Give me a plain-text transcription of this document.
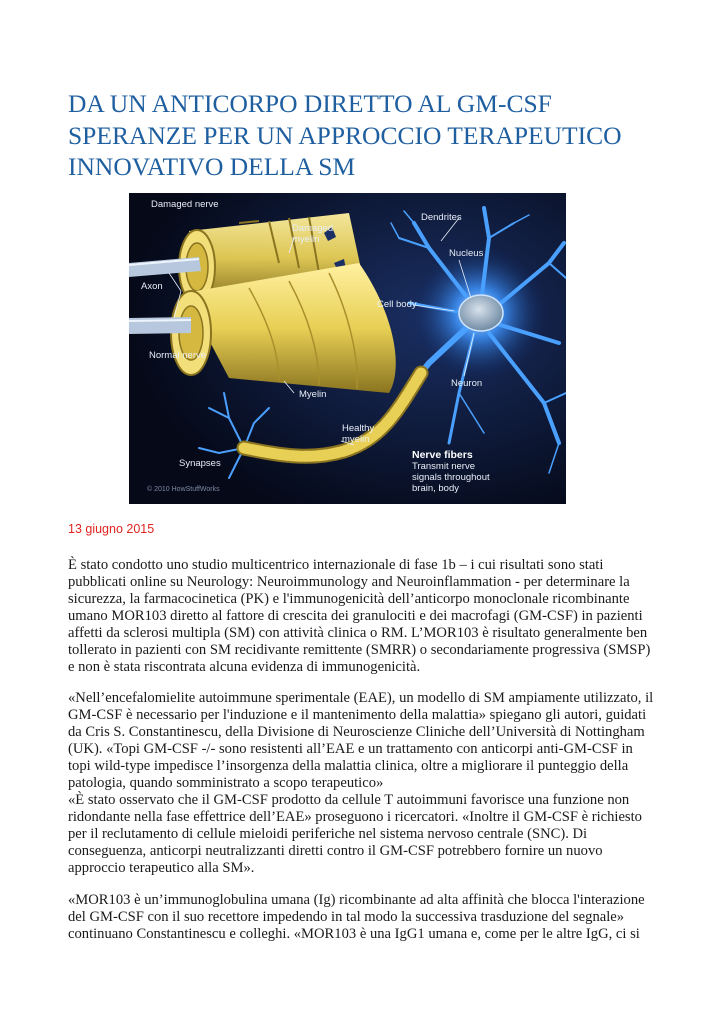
DA UN ANTICORPO DIRETTO AL GM-CSF
SPERANZE PER UN APPROCCIO TERAPEUTICO
INNOVATIVO DELLA SM
Damaged nerve
Damaged
myelin
Dendrites
Nucleus
Axon
Cell body
Normal nerve
Neuron
Myelin
Healthy
myelin
Synapses
Nerve fibers
Transmit nerve
signals throughout
brain, body
© 2010 HowStuffWorks
13 giugno 2015

È stato condotto uno studio multicentrico internazionale di fase 1b – i cui risultati sono stati
pubblicati online su Neurology: Neuroimmunology and Neuroinflammation - per determinare la
sicurezza, la farmacocinetica (PK) e l'immunogenicità dell’anticorpo monoclonale ricombinante
umano MOR103 diretto al fattore di crescita dei granulociti e dei macrofagi (GM-CSF) in pazienti
affetti da sclerosi multipla (SM) con attività clinica o RM. L’MOR103 è risultato generalmente ben
tollerato in pazienti con SM recidivante remittente (SMRR) o secondariamente progressiva (SMSP)
e non è stata riscontrata alcuna evidenza di immunogenicità.

«Nell’encefalomielite autoimmune sperimentale (EAE), un modello di SM ampiamente utilizzato, il
GM-CSF è necessario per l'induzione e il mantenimento della malattia» spiegano gli autori, guidati
da Cris S. Constantinescu, della Divisione di Neuroscienze Cliniche dell’Università di Nottingham
(UK). «Topi GM-CSF -/- sono resistenti all’EAE e un trattamento con anticorpi anti-GM-CSF in
topi wild-type impedisce l’insorgenza della malattia clinica, oltre a migliorare il punteggio della
patologia, quando somministrato a scopo terapeutico»

«È stato osservato che il GM-CSF prodotto da cellule T autoimmuni favorisce una funzione non
ridondante nella fase effettrice dell’EAE» proseguono i ricercatori. «Inoltre il GM-CSF è richiesto
per il reclutamento di cellule mieloidi periferiche nel sistema nervoso centrale (SNC). Di
conseguenza, anticorpi neutralizzanti diretti contro il GM-CSF potrebbero fornire un nuovo
approccio terapeutico alla SM».

«MOR103 è un’immunoglobulina umana (Ig) ricombinante ad alta affinità che blocca l'interazione
del GM-CSF con il suo recettore impedendo in tal modo la successiva trasduzione del segnale»
continuano Constantinescu e colleghi. «MOR103 è una IgG1 umana e, come per le altre IgG, ci si
